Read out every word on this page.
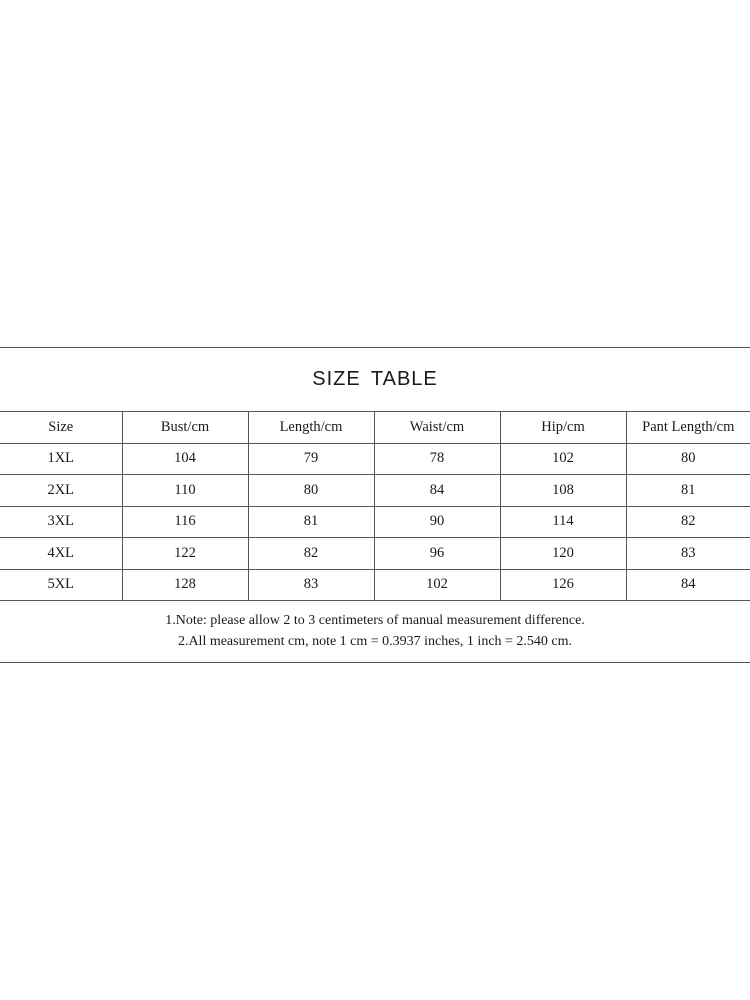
SIZE TABLE
Size	Bust/cm	Length/cm	Waist/cm	Hip/cm	Pant Length/cm
1XL	104	79	78	102	80
2XL	110	80	84	108	81
3XL	116	81	90	114	82
4XL	122	82	96	120	83
5XL	128	83	102	126	84
1.Note: please allow 2 to 3 centimeters of manual measurement difference.
2.All measurement cm, note 1 cm = 0.3937 inches, 1 inch = 2.540 cm.
